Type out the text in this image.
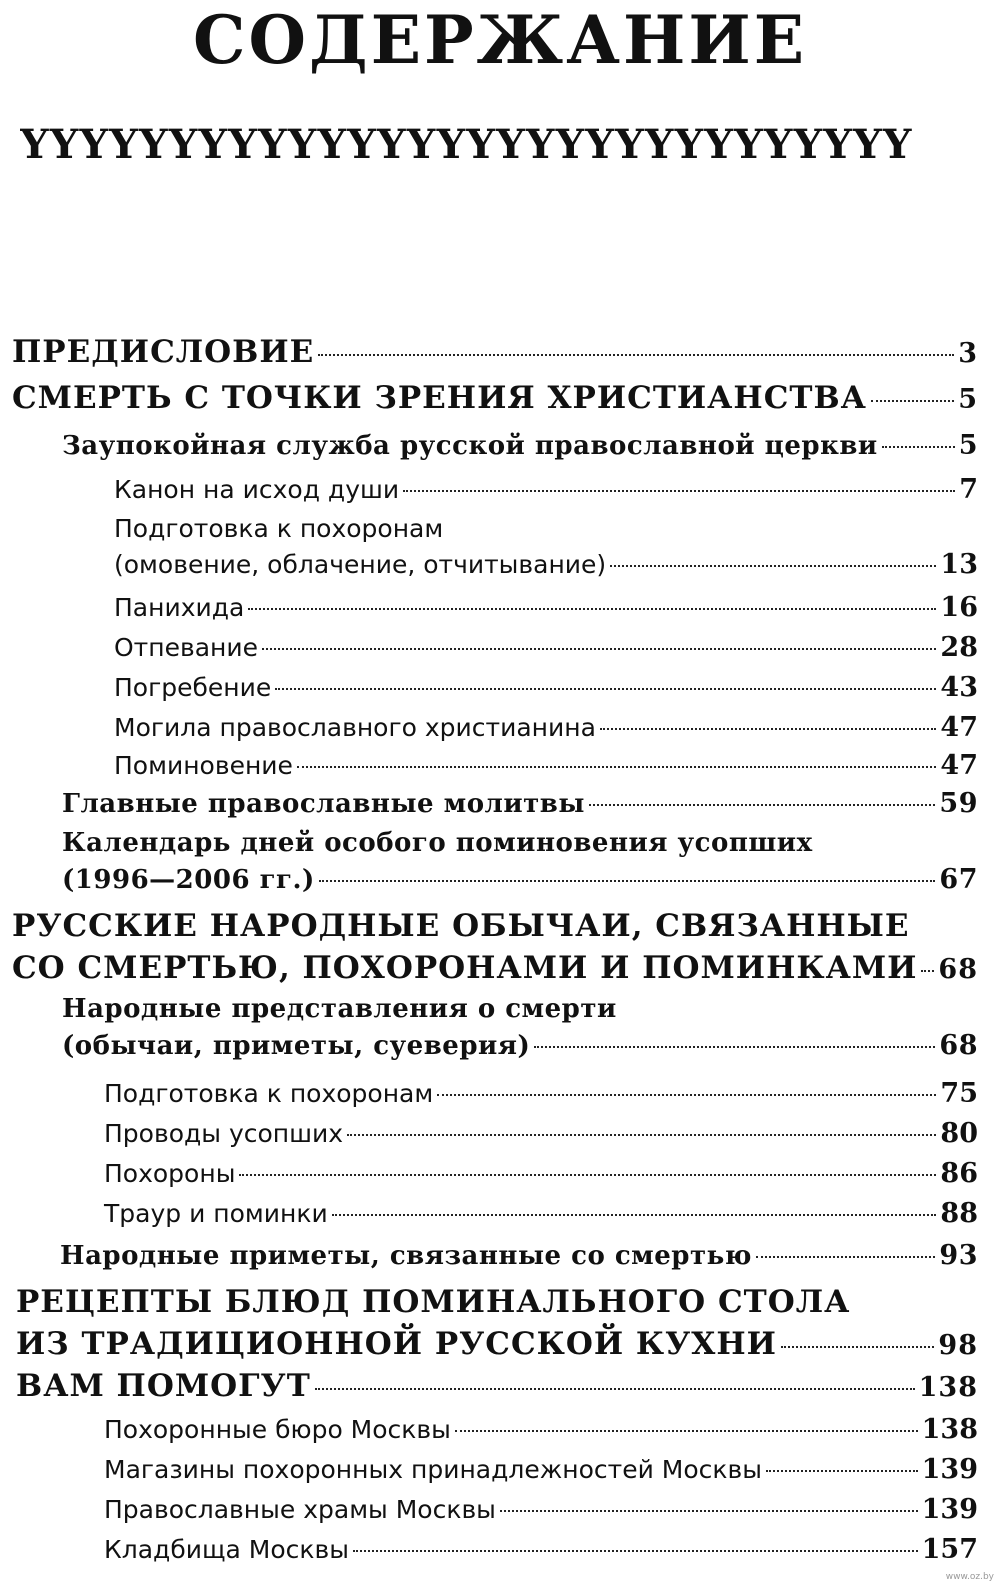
СОДЕРЖАНИЕ
YYYYYYYYYYYYYYYYYYYYYYYYYYYYYY
ПРЕДИСЛОВИЕ	3
СМЕРТЬ С ТОЧКИ ЗРЕНИЯ ХРИСТИАНСТВА	5
Заупокойная служба русской православной церкви	5
Канон на исход души	7
Подготовка к похоронам
(омовение, облачение, отчитывание)	13
Панихида	16
Отпевание	28
Погребение	43
Могила православного христианина	47
Поминовение	47
Главные православные молитвы	59
Календарь дней особого поминовения усопших
(1996—2006 гг.)	67
РУССКИЕ НАРОДНЫЕ ОБЫЧАИ, СВЯЗАННЫЕ
СО СМЕРТЬЮ, ПОХОРОНАМИ И ПОМИНКАМИ 68
Народные представления о смерти
(обычаи, приметы, суеверия)	68
Подготовка к похоронам	75
Проводы усопших	80
Похороны	86
Траур и поминки	88
Народные приметы, связанные со смертью	93
РЕЦЕПТЫ БЛЮД ПОМИНАЛЬНОГО СТОЛА
ИЗ ТРАДИЦИОННОЙ РУССКОЙ КУХНИ	98
ВАМ ПОМОГУТ	138
Похоронные бюро Москвы	138
Магазины похоронных принадлежностей Москвы	139
Православные храмы Москвы	139
Кладбища Москвы	157
www.oz.by
